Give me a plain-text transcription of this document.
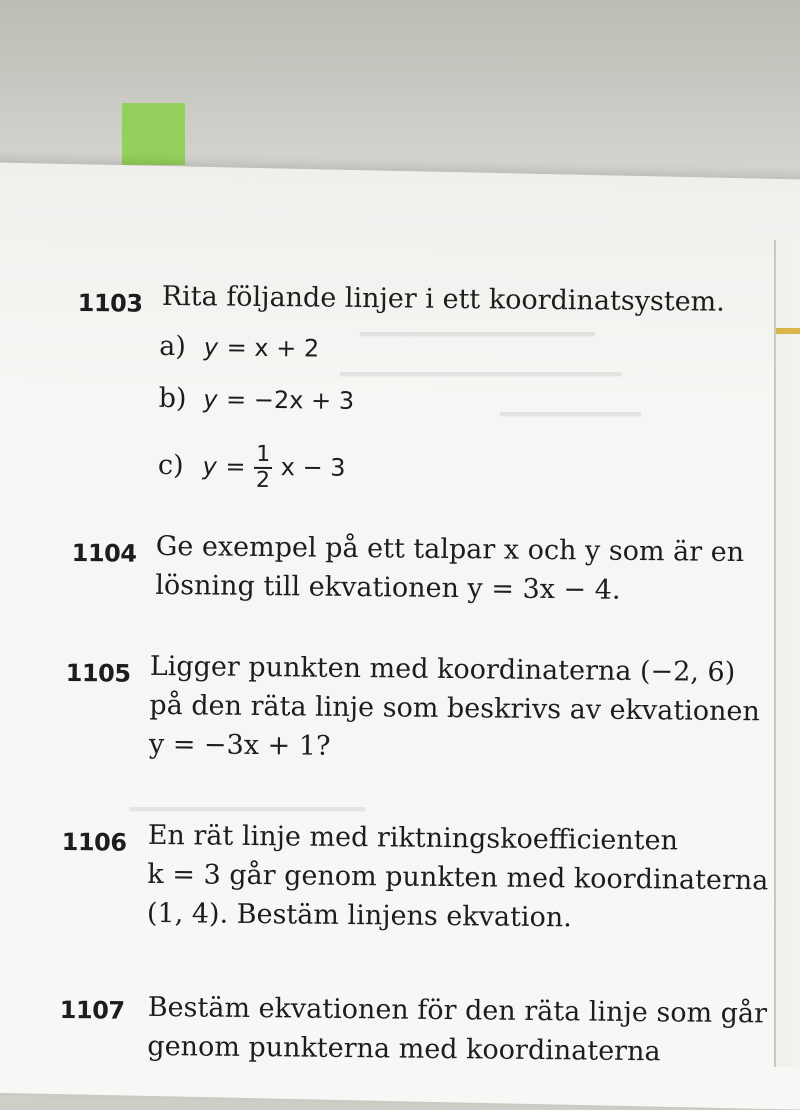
━━━━━━━━━━━━━━━
━━━━━━━━━━━━━━━━━━
━━━━━━━━━
━━━━━━━━━━━━━━━
1103 Rita följande linjer i ett koordinatsystem.
a) y = x + 2
b) y = −2x + 3
c) $y = \frac{1}{2}$ x − 3
1104 Ge exempel på ett talpar x och y som är en
lösning till ekvationen y = 3x − 4.
1105 Ligger punkten med koordinaterna (−2, 6)
på den räta linje som beskrivs av ekvationen
y = −3x + 1?
1106 En rät linje med riktningskoefficienten
k = 3 går genom punkten med koordinaterna
(1, 4). Bestäm linjens ekvation.
1107 Bestäm ekvationen för den räta linje som går
genom punkterna med koordinaterna
